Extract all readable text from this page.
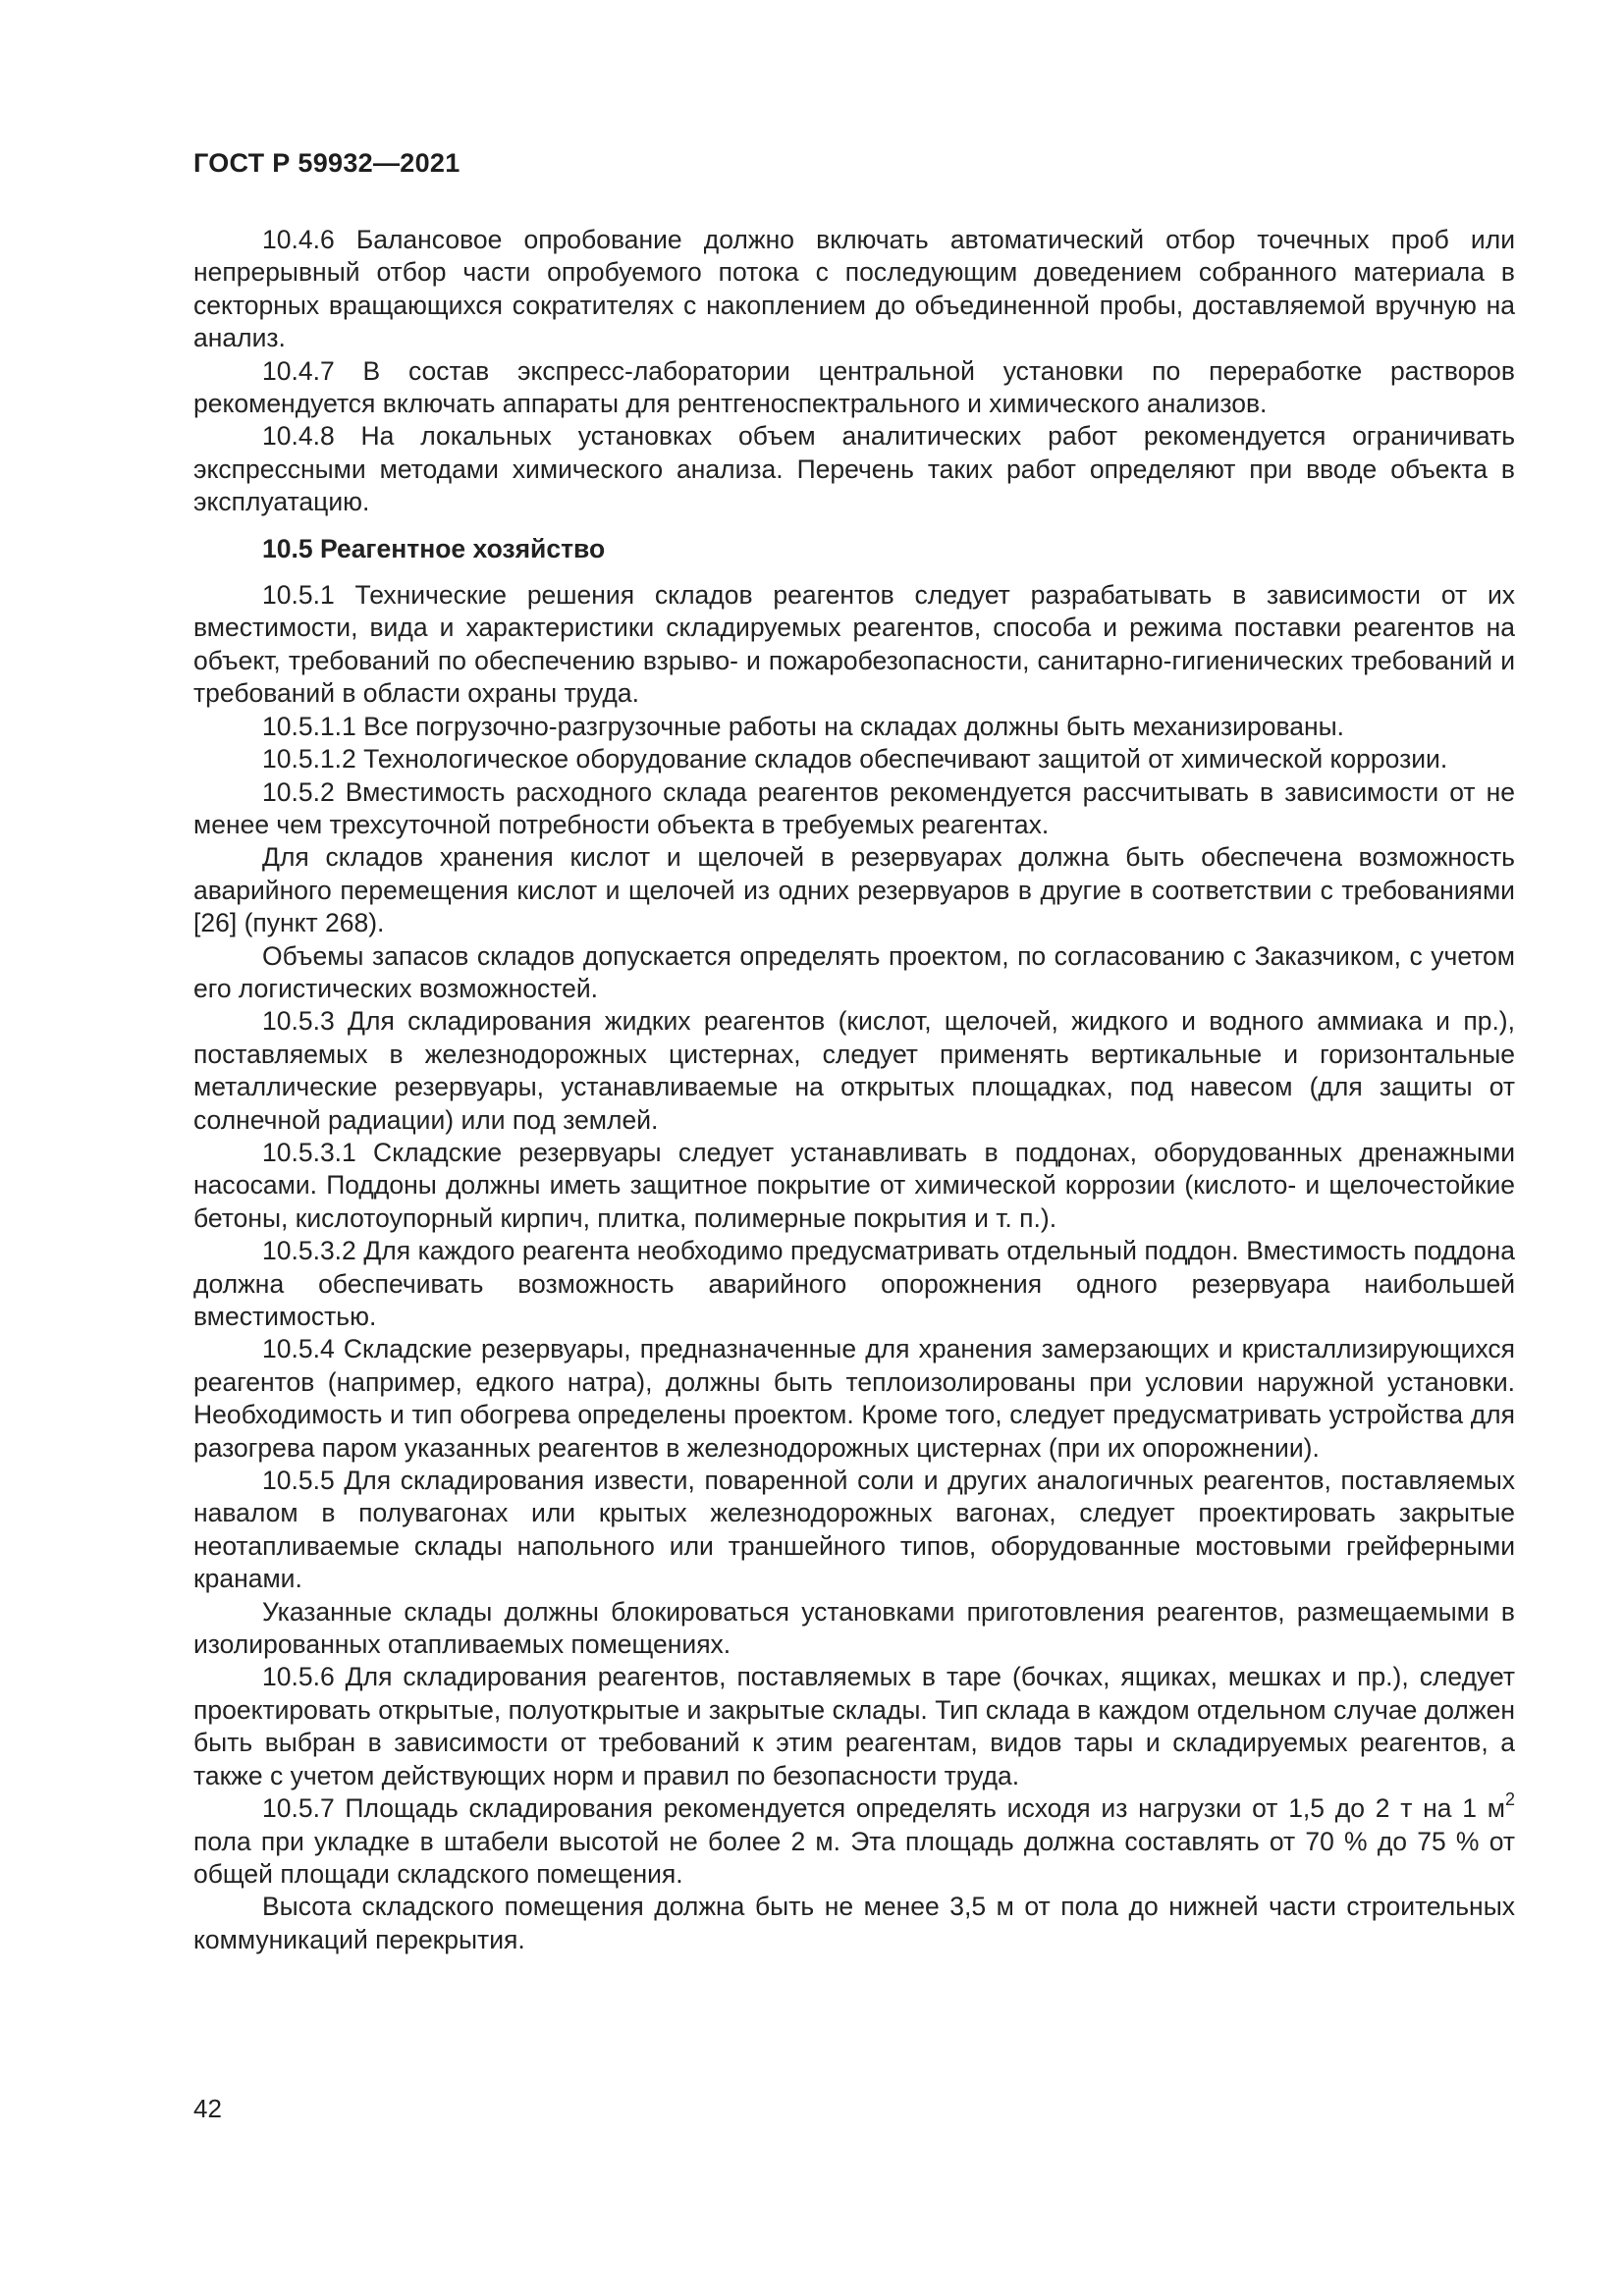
ГОСТ Р 59932—2021

10.4.6 Балансовое опробование должно включать автоматический отбор точечных проб или непрерывный отбор части опробуемого потока с последующим доведением собранного материала в секторных вращающихся сократителях с накоплением до объединенной пробы, доставляемой вручную на анализ.

10.4.7 В состав экспресс-лаборатории центральной установки по переработке растворов рекомендуется включать аппараты для рентгеноспектрального и химического анализов.

10.4.8 На локальных установках объем аналитических работ рекомендуется ограничивать экспрессными методами химического анализа. Перечень таких работ определяют при вводе объекта в эксплуатацию.

10.5 Реагентное хозяйство

10.5.1 Технические решения складов реагентов следует разрабатывать в зависимости от их вместимости, вида и характеристики складируемых реагентов, способа и режима поставки реагентов на объект, требований по обеспечению взрыво- и пожаробезопасности, санитарно-гигиенических требований и требований в области охраны труда.

10.5.1.1 Все погрузочно-разгрузочные работы на складах должны быть механизированы.

10.5.1.2 Технологическое оборудование складов обеспечивают защитой от химической коррозии.

10.5.2 Вместимость расходного склада реагентов рекомендуется рассчитывать в зависимости от не менее чем трехсуточной потребности объекта в требуемых реагентах.

Для складов хранения кислот и щелочей в резервуарах должна быть обеспечена возможность аварийного перемещения кислот и щелочей из одних резервуаров в другие в соответствии с требованиями [26] (пункт 268).

Объемы запасов складов допускается определять проектом, по согласованию с Заказчиком, с учетом его логистических возможностей.

10.5.3 Для складирования жидких реагентов (кислот, щелочей, жидкого и водного аммиака и пр.), поставляемых в железнодорожных цистернах, следует применять вертикальные и горизонтальные металлические резервуары, устанавливаемые на открытых площадках, под навесом (для защиты от солнечной радиации) или под землей.

10.5.3.1 Складские резервуары следует устанавливать в поддонах, оборудованных дренажными насосами. Поддоны должны иметь защитное покрытие от химической коррозии (кислото- и щелочестойкие бетоны, кислотоупорный кирпич, плитка, полимерные покрытия и т. п.).

10.5.3.2 Для каждого реагента необходимо предусматривать отдельный поддон. Вместимость поддона должна обеспечивать возможность аварийного опорожнения одного резервуара наибольшей вместимостью.

10.5.4 Складские резервуары, предназначенные для хранения замерзающих и кристаллизирующихся реагентов (например, едкого натра), должны быть теплоизолированы при условии наружной установки. Необходимость и тип обогрева определены проектом. Кроме того, следует предусматривать устройства для разогрева паром указанных реагентов в железнодорожных цистернах (при их опорожнении).

10.5.5 Для складирования извести, поваренной соли и других аналогичных реагентов, поставляемых навалом в полувагонах или крытых железнодорожных вагонах, следует проектировать закрытые неотапливаемые склады напольного или траншейного типов, оборудованные мостовыми грейферными кранами.

Указанные склады должны блокироваться установками приготовления реагентов, размещаемыми в изолированных отапливаемых помещениях.

10.5.6 Для складирования реагентов, поставляемых в таре (бочках, ящиках, мешках и пр.), следует проектировать открытые, полуоткрытые и закрытые склады. Тип склада в каждом отдельном случае должен быть выбран в зависимости от требований к этим реагентам, видов тары и складируемых реагентов, а также с учетом действующих норм и правил по безопасности труда.

10.5.7 Площадь складирования рекомендуется определять исходя из нагрузки от 1,5 до 2 т на 1 $м^2$ пола при укладке в штабели высотой не более 2 м. Эта площадь должна составлять от 70 % до 75 % от общей площади складского помещения.

Высота складского помещения должна быть не менее 3,5 м от пола до нижней части строительных коммуникаций перекрытия.

42
